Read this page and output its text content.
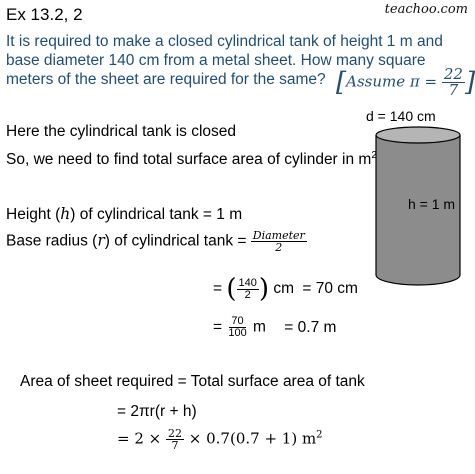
Ex 13.2, 2	teachoo.com
It is required to make a closed cylindrical tank of height 1 m and
base diameter 140 cm from a metal sheet. How many square
meters of the sheet are required for the same? [Assume $\pi = \frac{22}{7}$ ]
d = 140 cm
h = 1 m
Here the cylindrical tank is closed
So, we need to find total surface area of cylinder in $m^2$
Height (h) of cylindrical tank = 1 m
Base radius (r) of cylindrical $\tan k = \frac{\text{Diameter}}{2}$
= ( $\frac{140}{2}$ ) cm = 70 cm
= $\frac{70}{100}$ m = 0.7 m
Area of sheet required = Total surface area of tank
= 2πr(r + h)
= $2 \times \frac{22}{7} \times 0.7(0.7 + 1)$ $m^2$
